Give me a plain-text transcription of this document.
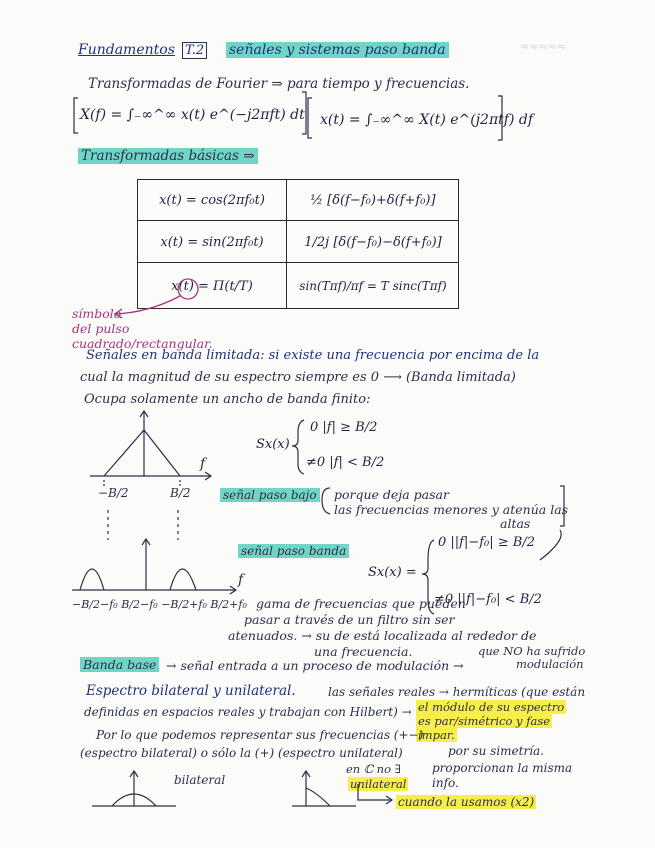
≈≈≈≈≈
Fundamentos T.2 señales y sistemas paso banda
Transformadas de Fourier ⇒ para tiempo y frecuencias.
X(f) = ∫₋∞^∞ x(t) e^(−j2πft) dt x(t) = ∫₋∞^∞ X(t) e^(j2πtf) df
Transformadas básicas ⇒
x(t) = cos(2πf₀t)	½ [δ(f−f₀)+δ(f+f₀)]
x(t) = sin(2πf₀t)	1/2j [δ(f−f₀)−δ(f+f₀)]
x(t) = Π(t/T)	sin(Tπf)/πf = T sinc(Tπf)
símbolo
del pulso
cuadrado/rectangular.
Señales en banda limitada: si existe una frecuencia por encima de la
cual la magnitud de su espectro siempre es 0 ⟶ (Banda limitada)
Ocupa solamente un ancho de banda finito:
Sx(x)
0 |f| ≥ B/2
≠0 |f| < B/2
f
−B/2	B/2	señal paso bajo porque deja pasar
las frecuencias menores y atenúa las
altas
señal paso banda
Sx(x) =
0 ||f|−f₀| ≥ B/2
≠0 ||f|−f₀| < B/2
f
−B/2−f₀ B/2−f₀ −B/2+f₀ B/2+f₀ gama de frecuencias que pueden
pasar a través de un filtro sin ser
atenuados. → su de está localizada al rededor de
una frecuencia.	que NO ha sufrido
modulación
Banda base → señal entrada a un proceso de modulación →
Espectro bilateral y unilateral.	las señales reales → hermíticas (que están
definidas en espacios reales y trabajan con Hilbert) → el módulo de su espectro
es par/simétrico y fase
impar.
Por lo que podemos representar sus frecuencias (+−)
(espectro bilateral) o sólo la (+) (espectro unilateral)	por su simetría.
proporcionan la misma
info.
en ℂ no ∃
unilateral
cuando la usamos (x2)
bilateral
